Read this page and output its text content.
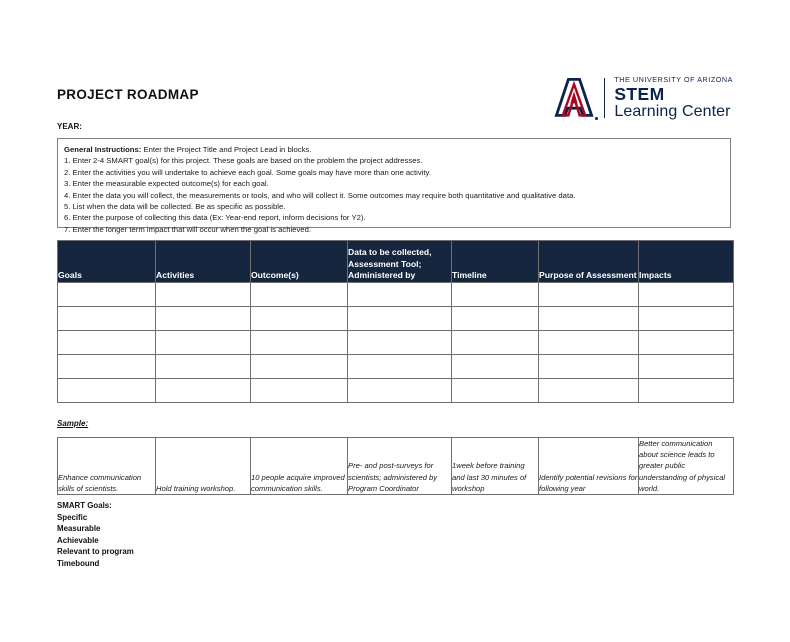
PROJECT ROADMAP
THE UNIVERSITY OF ARIZONA
STEM
Learning Center
YEAR:
General Instructions: Enter the Project Title and Project Lead in blocks.
1. Enter 2-4 SMART goal(s) for this project. These goals are based on the problem the project addresses.
2. Enter the activities you will undertake to achieve each goal. Some goals may have more than one activity.
3. Enter the measurable expected outcome(s) for each goal.
4. Enter the data you will collect, the measurements or tools, and who will collect it. Some outcomes may require both quantitative and qualitative data.
5. List when the data will be collected. Be as specific as possible.
6. Enter the purpose of collecting this data (Ex: Year-end report, inform decisions for Y2).
7. Enter the longer term impact that will occur when the goal is achieved.
Goals	Activities	Outcome(s)	Data to be collected, Assessment Tool; Administered by	Timeline	Purpose of Assessment	Impacts

Sample:
Enhance communication skills of scientists.	Hold training workshop.	10 people acquire improved communication skills.	Pre- and post-surveys for scientists; administered by Program Coordinator	1week before training and last 30 minutes of workshop	Identify potential revisions for following year	Better communication about science leads to greater public understanding of physical world.
SMART Goals:
Specific
Measurable
Achievable
Relevant to program
Timebound
